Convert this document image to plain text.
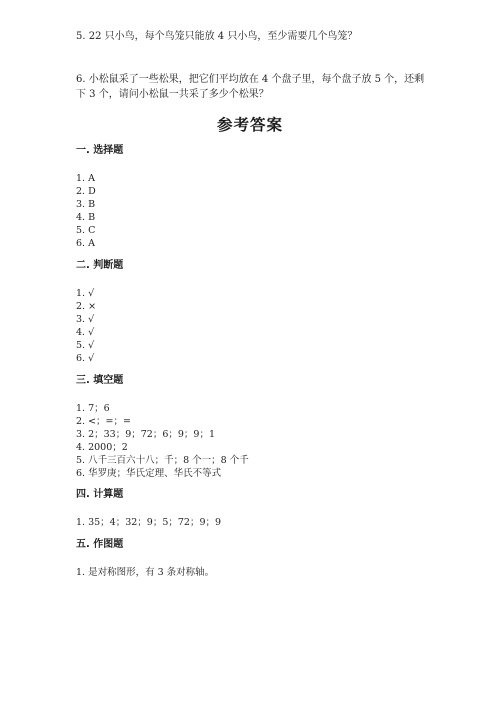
5. 22 只小鸟，每个鸟笼只能放 4 只小鸟，至少需要几个鸟笼？
6. 小松鼠采了一些松果，把它们平均放在 4 个盘子里，每个盘子放 5 个，还剩
下 3 个，请问小松鼠一共采了多少个松果？
参考答案
一. 选择题
1. A
2. D
3. B
4. B
5. C
6. A
二. 判断题
1. √
2. ×
3. √
4. √
5. √
6. √
三. 填空题
1. 7；6
2. <；=；=
3. 2；33；9；72；6；9；9；1
4. 2000；2
5. 八千三百六十八；千；8 个一；8 个千
6. 华罗庚；华氏定理、华氏不等式
四. 计算题
1. 35；4；32；9；5；72；9；9
五. 作图题
1. 是对称图形，有 3 条对称轴。
